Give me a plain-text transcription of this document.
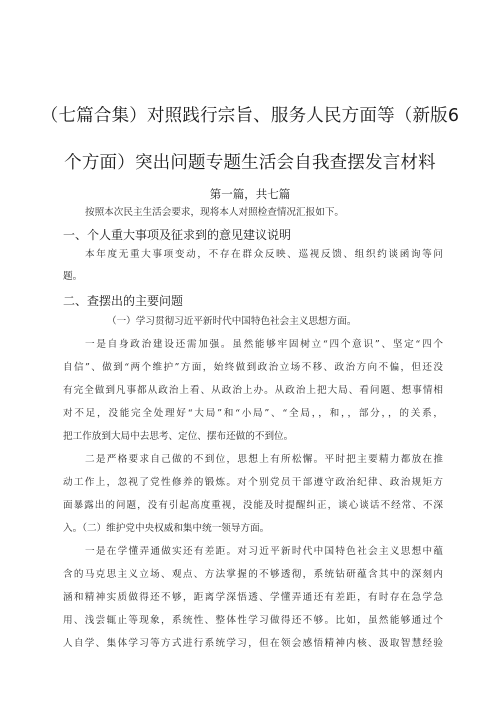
（七篇合集）对照践行宗旨、服务人民方面等（新版6
个方面）突出问题专题生活会自我查摆发言材料
第一篇，共七篇
按照本次民主生活会要求，现将本人对照检查情况汇报如下。
一、个人重大事项及征求到的意见建议说明
本年度无重大事项变动，不存在群众反映、巡视反馈、组织约谈函询等问
题。
二、查摆出的主要问题
（一）学习贯彻习近平新时代中国特色社会主义思想方面。
一是自身政治建设还需加强。虽然能够牢固树立“四个意识”、坚定“四个
自信”、做到“两个维护”方面，始终做到政治立场不移、政治方向不偏，但还没
有完全做到凡事都从政治上看、从政治上办。从政治上把大局、看问题、想事情相
对不足，没能完全处理好“大局”和“小局”、“全局，，和，，部分，，的关系，
把工作放到大局中去思考、定位、摆布还做的不到位。
二是严格要求自己做的不到位，思想上有所松懈。平时把主要精力都放在推
动工作上，忽视了党性修养的锻炼。对个别党员干部遵守政治纪律、政治规矩方
面暴露出的问题，没有引起高度重视，没能及时提醒纠正，谈心谈话不经常、不深
入。（二）维护党中央权威和集中统一领导方面。
一是在学懂弄通做实还有差距。对习近平新时代中国特色社会主义思想中蕴
含的马克思主义立场、观点、方法掌握的不够透彻，系统钻研蕴含其中的深刻内
涵和精神实质做得还不够，距离学深悟透、学懂弄通还有差距，有时存在急学急
用、浅尝辄止等现象，系统性、整体性学习做得还不够。比如，虽然能够通过个
人自学、集体学习等方式进行系统学习，但在领会感悟精神内核、汲取智慧经验
